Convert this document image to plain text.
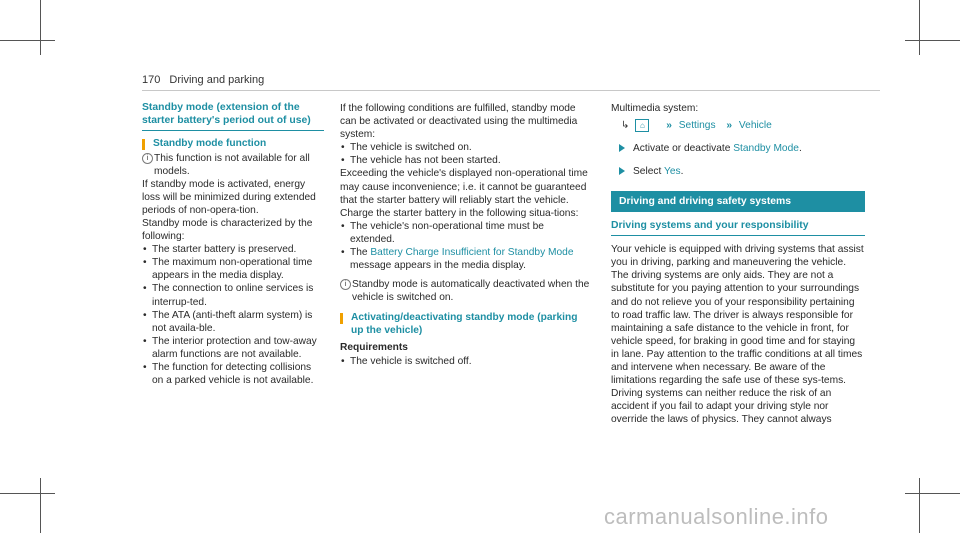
170 Driving and parking
Standby mode (extension of the starter battery's period out of use)
Standby mode function
i This function is not available for all models.

If standby mode is activated, energy loss will be minimized during extended periods of non-opera-tion.

Standby mode is characterized by the following:

• The starter battery is preserved.
• The maximum non-operational time appears in the media display.
• The connection to online services is interrup-ted.
• The ATA (anti-theft alarm system) is not availa-ble.
• The interior protection and tow-away alarm functions are not available.
• The function for detecting collisions on a parked vehicle is not available.

If the following conditions are fulfilled, standby mode can be activated or deactivated using the multimedia system:

• The vehicle is switched on.
• The vehicle has not been started.

Exceeding the vehicle's displayed non-operational time may cause inconvenience; i.e. it cannot be guaranteed that the starter battery will reliably start the vehicle.

Charge the starter battery in the following situa-tions:

• The vehicle's non-operational time must be extended.
• The Battery Charge Insufficient for Standby Mode message appears in the media display.
i Standby mode is automatically deactivated when the vehicle is switched on.
Activating/deactivating standby mode (parking up the vehicle)
Requirements
• The vehicle is switched off.

Multimedia system:

↳ ⌂ » Settings » Vehicle
Activate or deactivate Standby Mode.
Select Yes.
Driving and driving safety systems
Driving systems and your responsibility

Your vehicle is equipped with driving systems that assist you in driving, parking and maneuvering the vehicle. The driving systems are only aids. They are not a substitute for you paying attention to your surroundings and do not relieve you of your responsibility pertaining to road traffic law. The driver is always responsible for maintaining a safe distance to the vehicle in front, for vehicle speed, for braking in good time and for staying in lane. Pay attention to the traffic conditions at all times and intervene when necessary. Be aware of the limitations regarding the safe use of these sys-tems.

Driving systems can neither reduce the risk of an accident if you fail to adapt your driving style nor override the laws of physics. They cannot always

carmanualsonline.info
